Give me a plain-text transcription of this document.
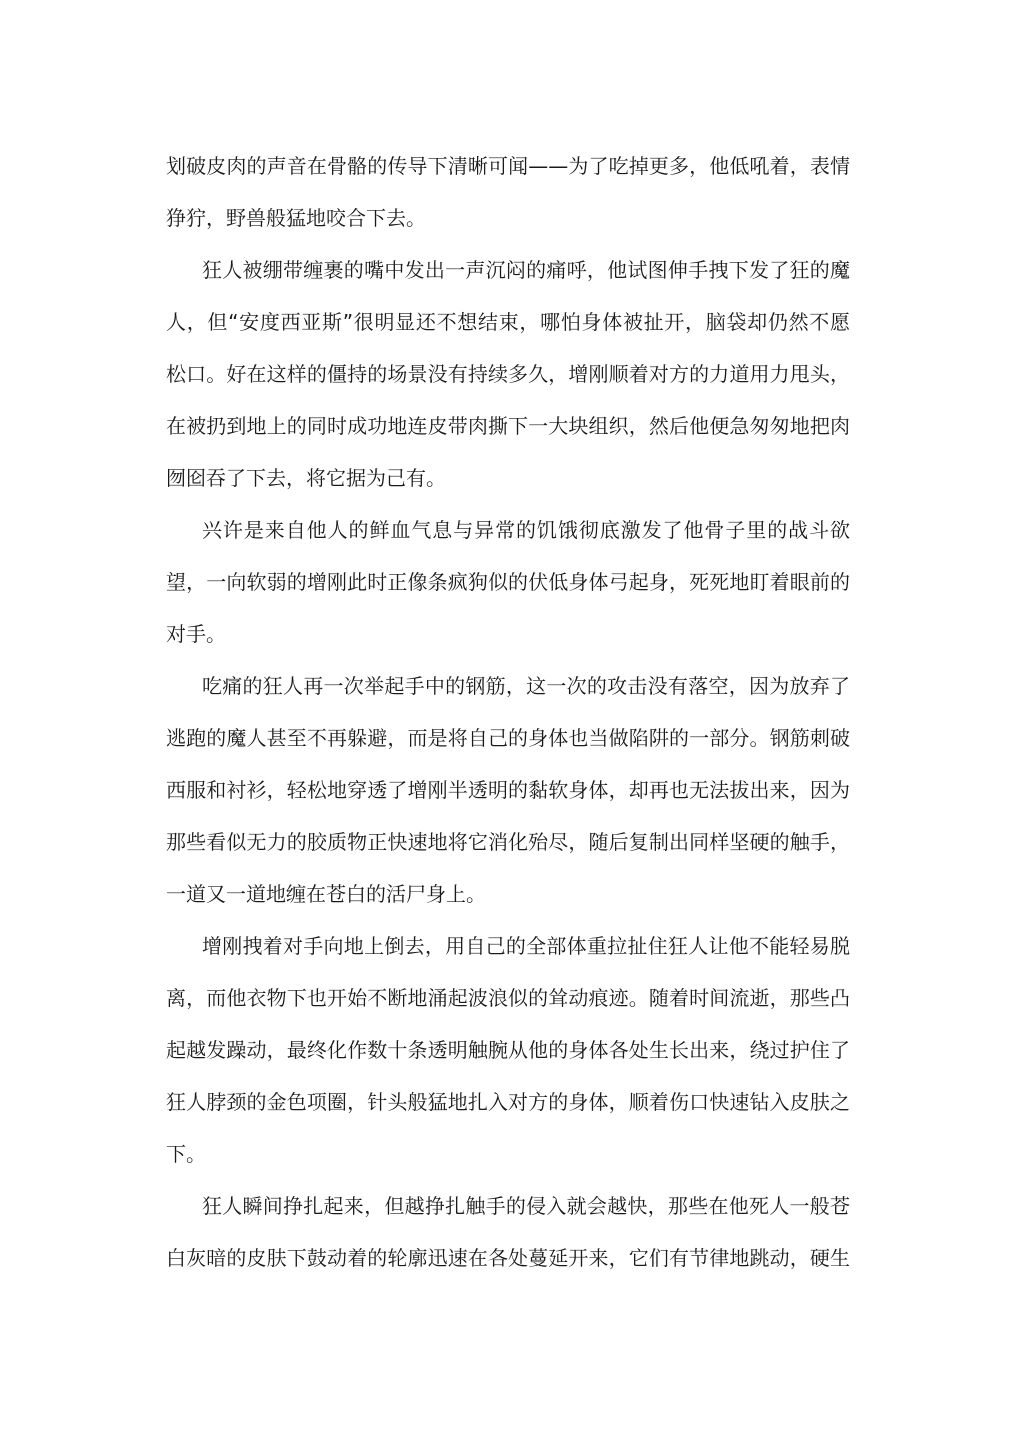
划破皮肉的声音在骨骼的传导下清晰可闻——为了吃掉更多，他低吼着，表情
狰狞，野兽般猛地咬合下去。
狂人被绷带缠裹的嘴中发出一声沉闷的痛呼，他试图伸手拽下发了狂的魔
人，但“安度西亚斯”很明显还不想结束，哪怕身体被扯开，脑袋却仍然不愿
松口。好在这样的僵持的场景没有持续多久，增刚顺着对方的力道用力甩头，
在被扔到地上的同时成功地连皮带肉撕下一大块组织，然后他便急匆匆地把肉
囫囵吞了下去，将它据为己有。
兴许是来自他人的鲜血气息与异常的饥饿彻底激发了他骨子里的战斗欲
望，一向软弱的增刚此时正像条疯狗似的伏低身体弓起身，死死地盯着眼前的
对手。
吃痛的狂人再一次举起手中的钢筋，这一次的攻击没有落空，因为放弃了
逃跑的魔人甚至不再躲避，而是将自己的身体也当做陷阱的一部分。钢筋刺破
西服和衬衫，轻松地穿透了增刚半透明的黏软身体，却再也无法拔出来，因为
那些看似无力的胶质物正快速地将它消化殆尽，随后复制出同样坚硬的触手，
一道又一道地缠在苍白的活尸身上。
增刚拽着对手向地上倒去，用自己的全部体重拉扯住狂人让他不能轻易脱
离，而他衣物下也开始不断地涌起波浪似的耸动痕迹。随着时间流逝，那些凸
起越发躁动，最终化作数十条透明触腕从他的身体各处生长出来，绕过护住了
狂人脖颈的金色项圈，针头般猛地扎入对方的身体，顺着伤口快速钻入皮肤之
下。
狂人瞬间挣扎起来，但越挣扎触手的侵入就会越快，那些在他死人一般苍
白灰暗的皮肤下鼓动着的轮廓迅速在各处蔓延开来，它们有节律地跳动，硬生
